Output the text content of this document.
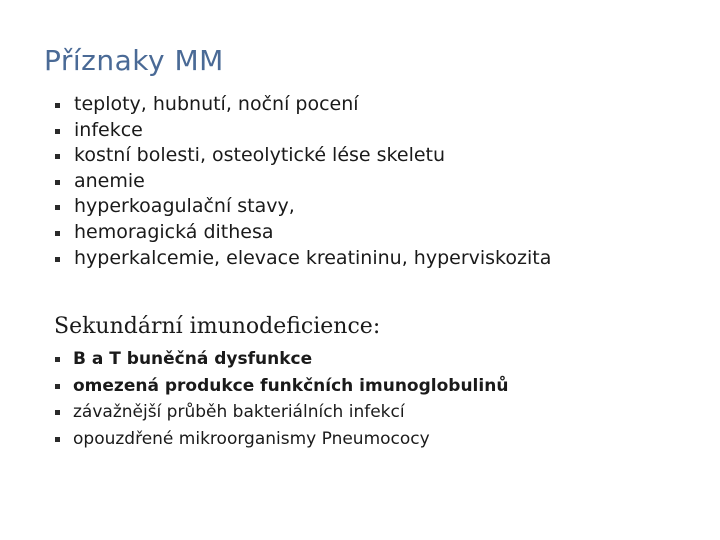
Příznaky MM
teploty, hubnutí, noční pocení
infekce
kostní bolesti, osteolytické lése skeletu
anemie
hyperkoagulační stavy,
hemoragická dithesa
hyperkalcemie, elevace kreatininu, hyperviskozita
Sekundární imunodeficience:
B a T buněčná dysfunkce
omezená produkce funkčních imunoglobulinů
závažnější průběh bakteriálních infekcí
opouzdřené mikroorganismy Pneumococy
